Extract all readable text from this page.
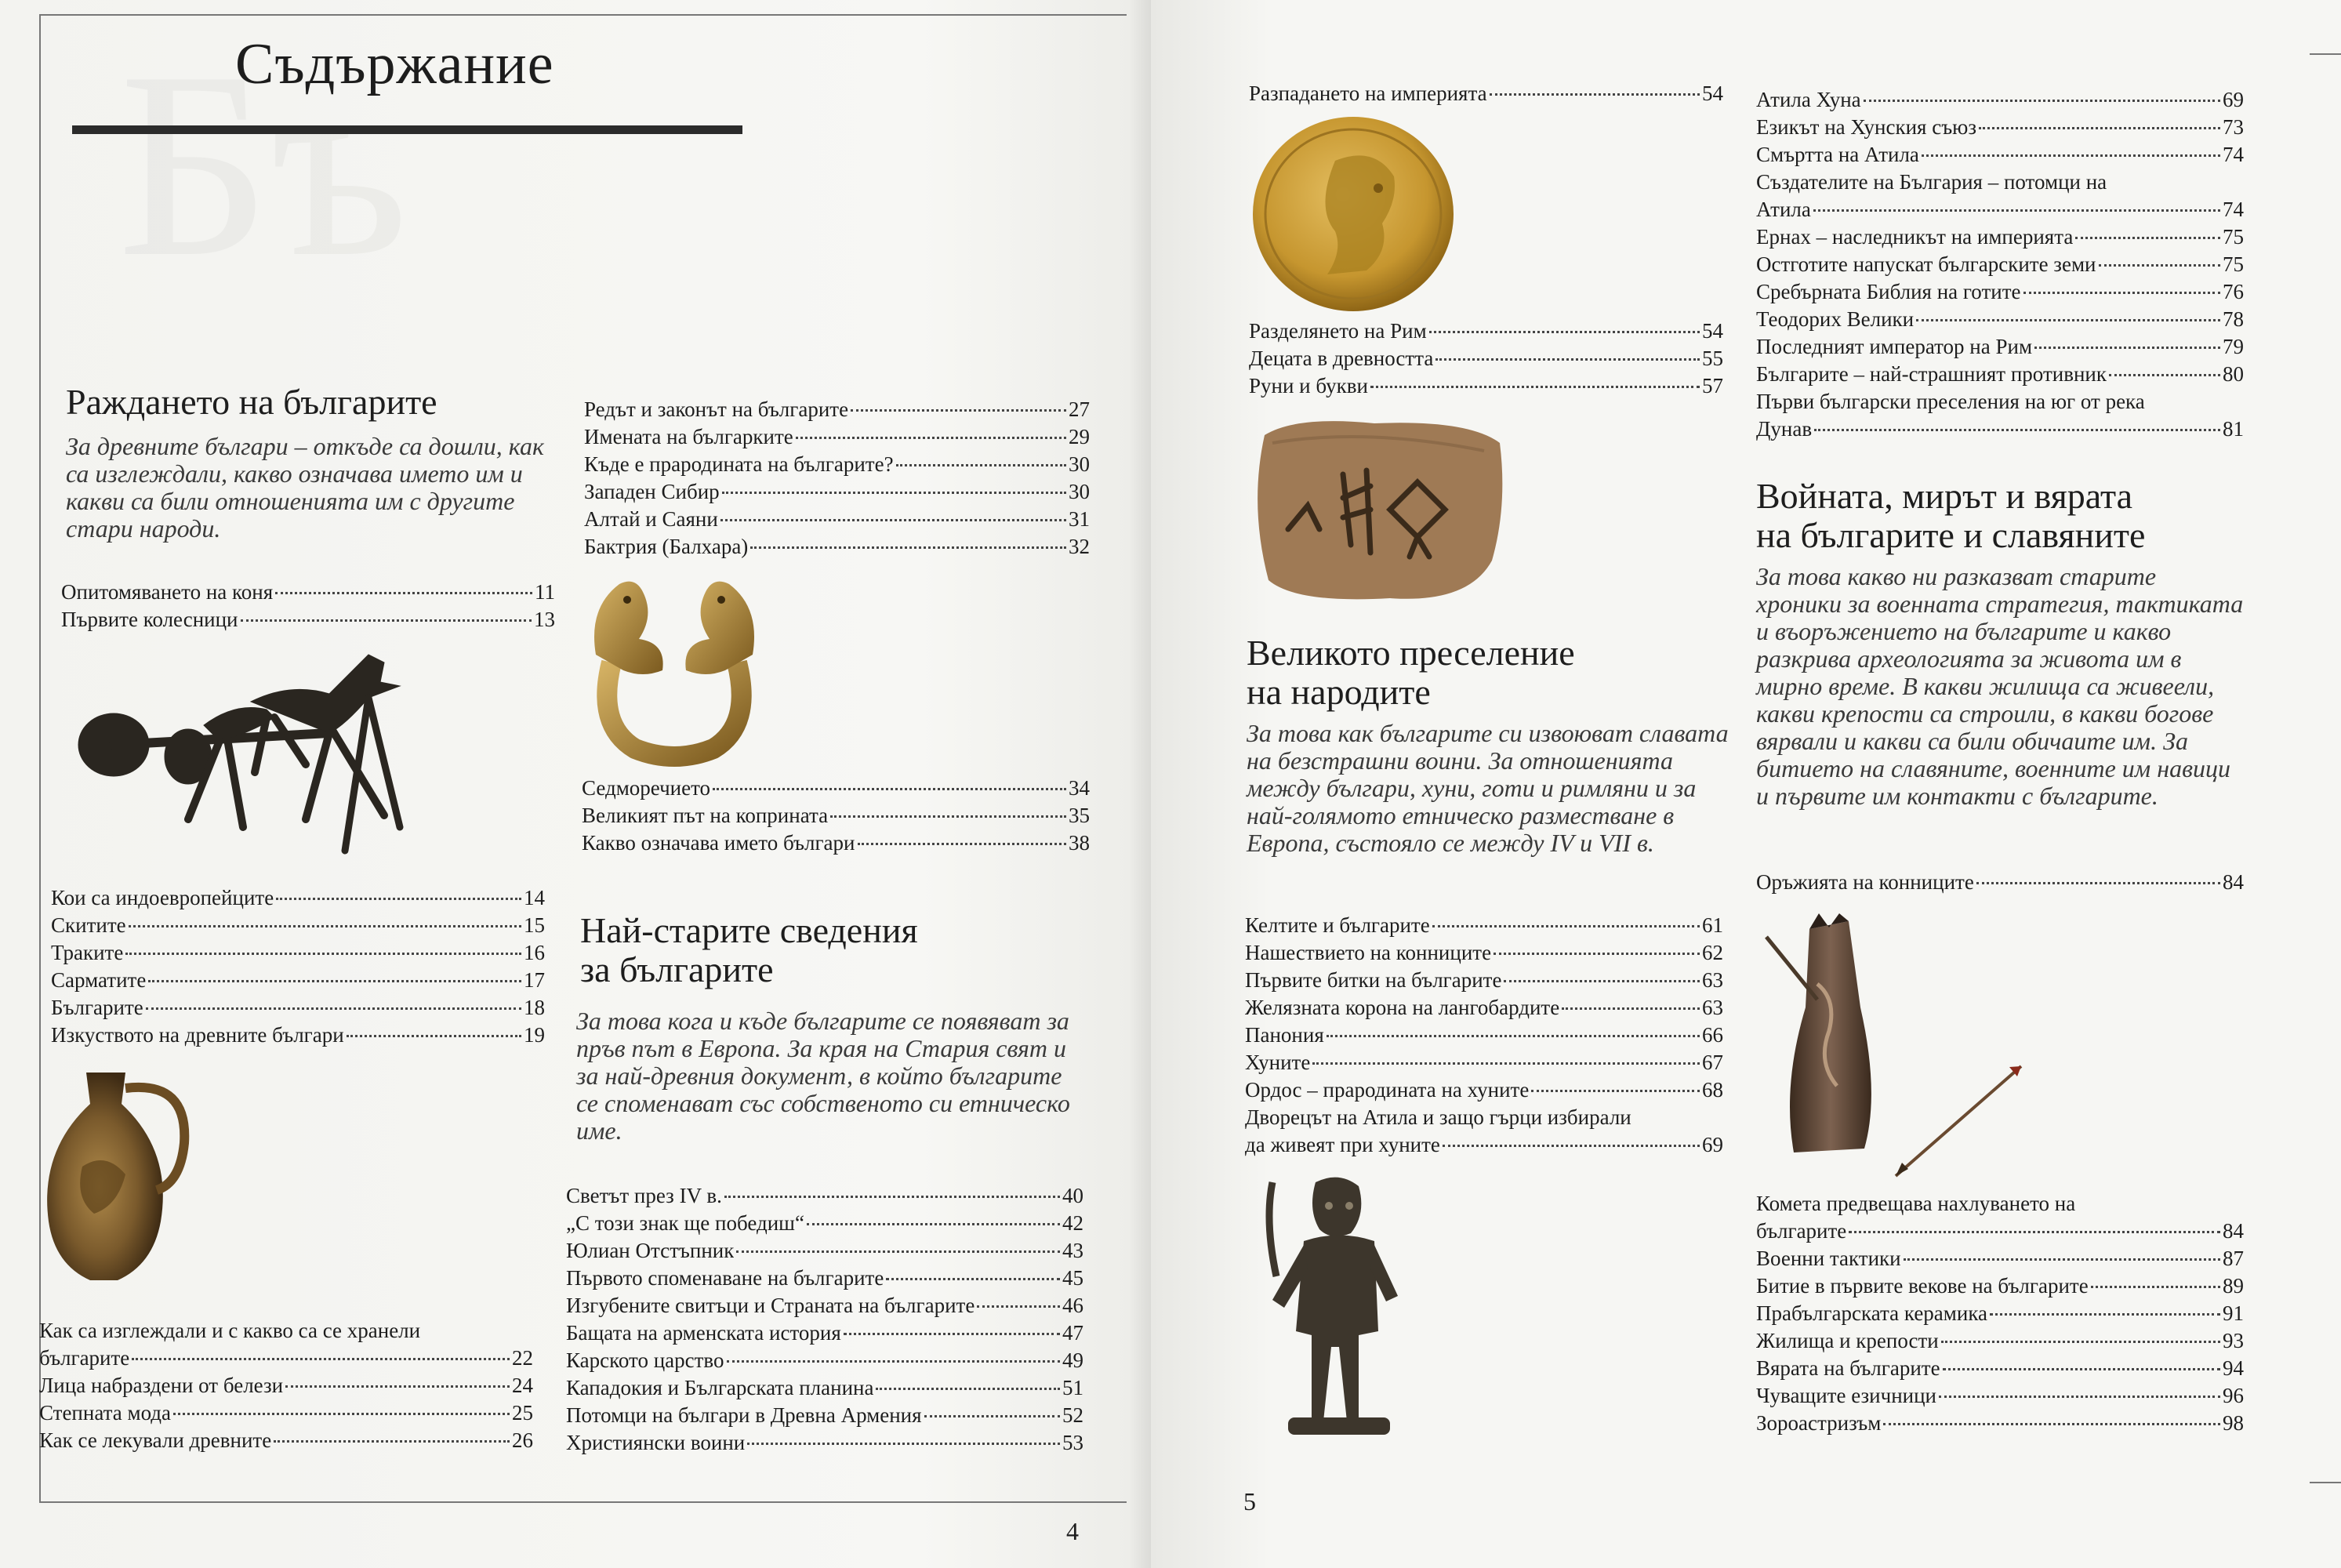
Съдържание
Раждането на българите
За древните българи – откъде са дошли, как са изглеждали, какво означава името им и какви са били отношенията им с другите стари народи.
Опитомяването на коня	11
Първите колесници	13
Кои са индоевропейците	14
Скитите	15
Траките	16
Сарматите	17
Българите	18
Изкуството на древните българи	19
Как са изглеждали и с какво са се хранели
българите	22
Лица набраздени от белези	24
Степната мода	25
Как се лекували древните	26
Редът и законът на българите	27
Имената на българките	29
Къде е прародината на българите?	30
Западен Сибир	30
Алтай и Саяни	31
Бактрия (Балхара)	32
Седморечието	34
Великият път на коприната	35
Какво означава името българи	38
Най-старите сведения
за българите
За това кога и къде българите се появяват за пръв път в Европа. За края на Стария свят и за най-древния документ, в който българите се споменават със собственото си етническо име.
Светът през IV в.	40
„С този знак ще победиш“	42
Юлиан Отстъпник	43
Първото споменаване на българите	45
Изгубените свитъци и Страната на българите	46
Бащата на арменската история	47
Карското царство	49
Кападокия и Българската планина	51
Потомци на българи в Древна Армения	52
Християнски воини	53
4
Разпадането на империята	54
Разделянето на Рим	54
Децата в древността	55
Руни и букви	57
Великото преселение
на народите
За това как българите си извоюват славата на безстрашни воини. За отношенията между българи, хуни, готи и римляни и за най-голямото етническо разместване в Европа, състояло се между IV и VII в.
Келтите и българите	61
Нашествието на конниците	62
Първите битки на българите	63
Желязната корона на лангобардите	63
Панония	66
Хуните	67
Ордос – прародината на хуните	68
Дворецът на Атила и защо гърци избирали
да живеят при хуните	69
Атила Хуна	69
Езикът на Хунския съюз	73
Смъртта на Атила	74
Създателите на България – потомци на
Атила	74
Ернах – наследникът на империята	75
Остготите напускат българските земи	75
Сребърната Библия на готите	76
Теодорих Велики	78
Последният император на Рим	79
Българите – най-страшният противник	80
Първи български преселения на юг от река
Дунав	81
Войната, мирът и вярата
на българите и славяните
За това какво ни разказват старите хроники за военната стратегия, тактиката и въоръжението на българите и какво разкрива археологията за живота им в мирно време. В какви жилища са живеели, какви крепости са строили, в какви богове вярвали и какви са били обичаите им. За битието на славяните, военните им навици и първите им контакти с българите.
Оръжията на конниците	84
Комета предвещава нахлуването на
българите	84
Военни тактики	87
Битие в първите векове на българите	89
Прабългарската керамика	91
Жилища и крепости	93
Вярата на българите	94
Чуващите езичници	96
Зороастризъм	98
5
